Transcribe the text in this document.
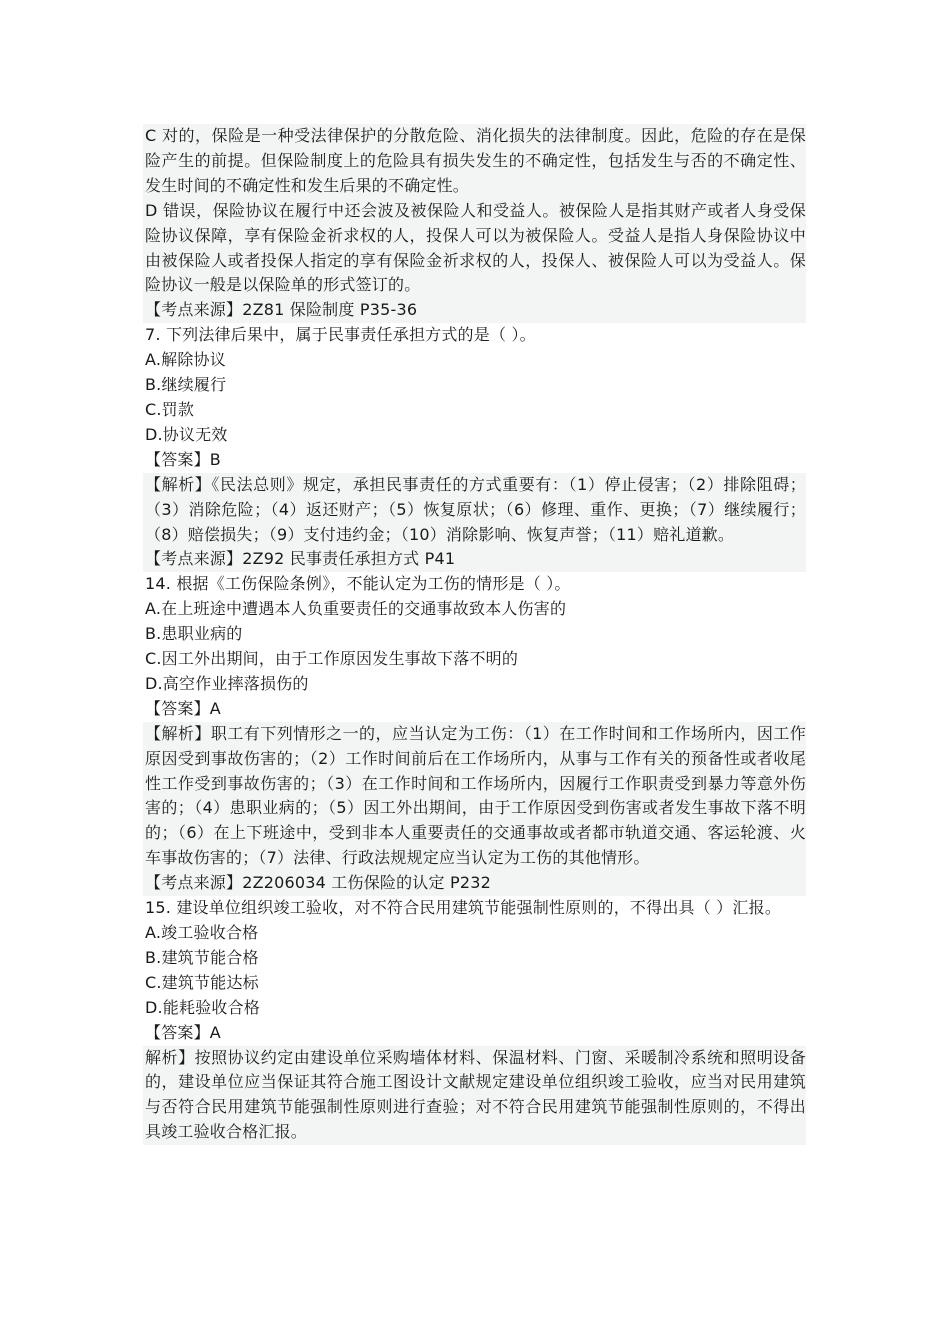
C 对的，保险是一种受法律保护的分散危险、消化损失的法律制度。因此，危险的存在是保险产生的前提。但保险制度上的危险具有损失发生的不确定性，包括发生与否的不确定性、发生时间的不确定性和发生后果的不确定性。

D 错误，保险协议在履行中还会波及被保险人和受益人。被保险人是指其财产或者人身受保险协议保障，享有保险金祈求权的人，投保人可以为被保险人。受益人是指人身保险协议中由被保险人或者投保人指定的享有保险金祈求权的人，投保人、被保险人可以为受益人。保险协议一般是以保险单的形式签订的。

【考点来源】2Z81 保险制度 P35-36

7. 下列法律后果中，属于民事责任承担方式的是（ ）。

A.解除协议

B.继续履行

C.罚款

D.协议无效

【答案】B

【解析】《民法总则》规定，承担民事责任的方式重要有：（1）停止侵害；（2）排除阻碍；（3）消除危险；（4）返还财产；（5）恢复原状；（6）修理、重作、更换；（7）继续履行；（8）赔偿损失；（9）支付违约金；（10）消除影响、恢复声誉；（11）赔礼道歉。

【考点来源】2Z92 民事责任承担方式 P41

14. 根据《工伤保险条例》，不能认定为工伤的情形是（ ）。

A.在上班途中遭遇本人负重要责任的交通事故致本人伤害的

B.患职业病的

C.因工外出期间，由于工作原因发生事故下落不明的

D.高空作业摔落损伤的

【答案】A

【解析】职工有下列情形之一的，应当认定为工伤：（1）在工作时间和工作场所内，因工作原因受到事故伤害的；（2）工作时间前后在工作场所内，从事与工作有关的预备性或者收尾性工作受到事故伤害的；（3）在工作时间和工作场所内，因履行工作职责受到暴力等意外伤害的；（4）患职业病的；（5）因工外出期间，由于工作原因受到伤害或者发生事故下落不明的；（6）在上下班途中，受到非本人重要责任的交通事故或者都市轨道交通、客运轮渡、火车事故伤害的；（7）法律、行政法规规定应当认定为工伤的其他情形。

【考点来源】2Z206034 工伤保险的认定 P232

15. 建设单位组织竣工验收，对不符合民用建筑节能强制性原则的，不得出具（ ）汇报。

A.竣工验收合格

B.建筑节能合格

C.建筑节能达标

D.能耗验收合格

【答案】A

解析】按照协议约定由建设单位采购墙体材料、保温材料、门窗、采暖制冷系统和照明设备的，建设单位应当保证其符合施工图设计文献规定建设单位组织竣工验收，应当对民用建筑与否符合民用建筑节能强制性原则进行查验；对不符合民用建筑节能强制性原则的，不得出具竣工验收合格汇报。
